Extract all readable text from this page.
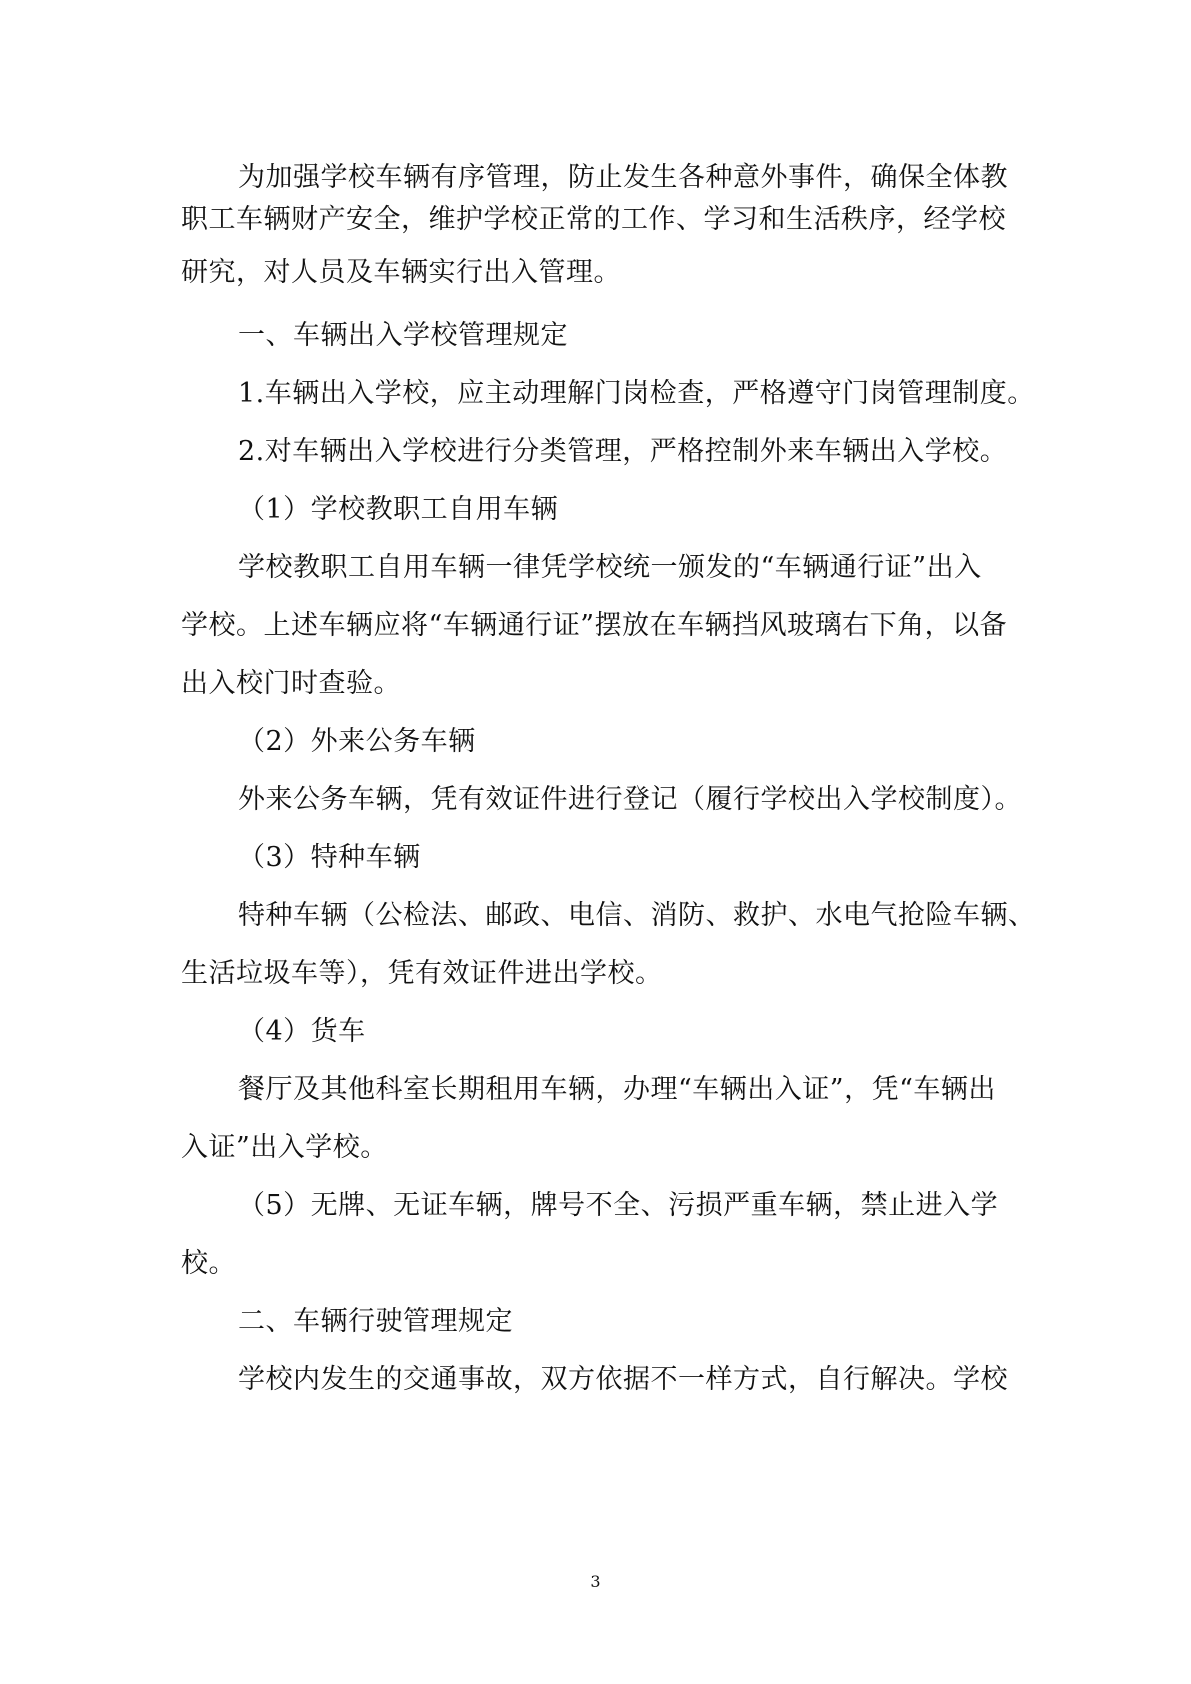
为加强学校车辆有序管理，防止发生各种意外事件，确保全体教
职工车辆财产安全，维护学校正常的工作、学习和生活秩序，经学校
研究，对人员及车辆实行出入管理。
一、车辆出入学校管理规定
1.车辆出入学校，应主动理解门岗检查，严格遵守门岗管理制度。
2.对车辆出入学校进行分类管理，严格控制外来车辆出入学校。
（1）学校教职工自用车辆
学校教职工自用车辆一律凭学校统一颁发的“车辆通行证”出入
学校。上述车辆应将“车辆通行证”摆放在车辆挡风玻璃右下角，以备
出入校门时查验。
（2）外来公务车辆
外来公务车辆，凭有效证件进行登记（履行学校出入学校制度）。
（3）特种车辆
特种车辆（公检法、邮政、电信、消防、救护、水电气抢险车辆、
生活垃圾车等），凭有效证件进出学校。
（4）货车
餐厅及其他科室长期租用车辆，办理“车辆出入证”，凭“车辆出
入证”出入学校。
（5）无牌、无证车辆，牌号不全、污损严重车辆，禁止进入学
校。
二、车辆行驶管理规定
学校内发生的交通事故，双方依据不一样方式，自行解决。学校
3
